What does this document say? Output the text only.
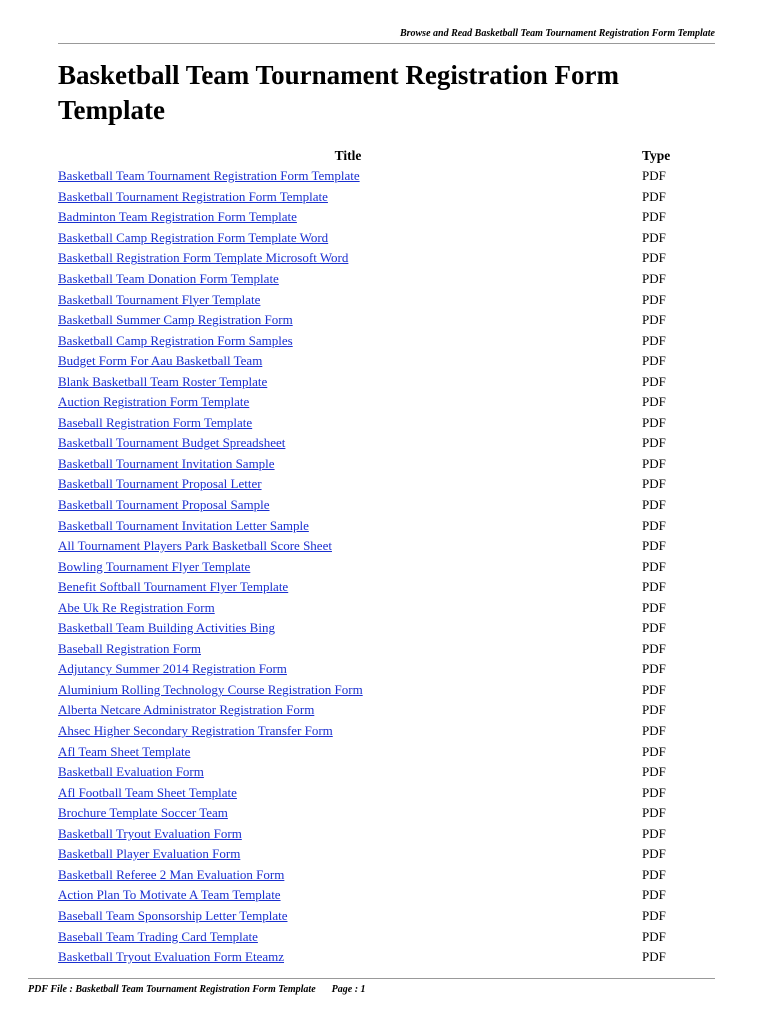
Browse and Read Basketball Team Tournament Registration Form Template
Basketball Team Tournament Registration Form Template
Title	Type
Basketball Team Tournament Registration Form Template	PDF
Basketball Tournament Registration Form Template	PDF
Badminton Team Registration Form Template	PDF
Basketball Camp Registration Form Template Word	PDF
Basketball Registration Form Template Microsoft Word	PDF
Basketball Team Donation Form Template	PDF
Basketball Tournament Flyer Template	PDF
Basketball Summer Camp Registration Form	PDF
Basketball Camp Registration Form Samples	PDF
Budget Form For Aau Basketball Team	PDF
Blank Basketball Team Roster Template	PDF
Auction Registration Form Template	PDF
Baseball Registration Form Template	PDF
Basketball Tournament Budget Spreadsheet	PDF
Basketball Tournament Invitation Sample	PDF
Basketball Tournament Proposal Letter	PDF
Basketball Tournament Proposal Sample	PDF
Basketball Tournament Invitation Letter Sample	PDF
All Tournament Players Park Basketball Score Sheet	PDF
Bowling Tournament Flyer Template	PDF
Benefit Softball Tournament Flyer Template	PDF
Abe Uk Re Registration Form	PDF
Basketball Team Building Activities Bing	PDF
Baseball Registration Form	PDF
Adjutancy Summer 2014 Registration Form	PDF
Aluminium Rolling Technology Course Registration Form	PDF
Alberta Netcare Administrator Registration Form	PDF
Ahsec Higher Secondary Registration Transfer Form	PDF
Afl Team Sheet Template	PDF
Basketball Evaluation Form	PDF
Afl Football Team Sheet Template	PDF
Brochure Template Soccer Team	PDF
Basketball Tryout Evaluation Form	PDF
Basketball Player Evaluation Form	PDF
Basketball Referee 2 Man Evaluation Form	PDF
Action Plan To Motivate A Team Template	PDF
Baseball Team Sponsorship Letter Template	PDF
Baseball Team Trading Card Template	PDF
Basketball Tryout Evaluation Form Eteamz	PDF
PDF File : Basketball Team Tournament Registration Form Template Page : 1
